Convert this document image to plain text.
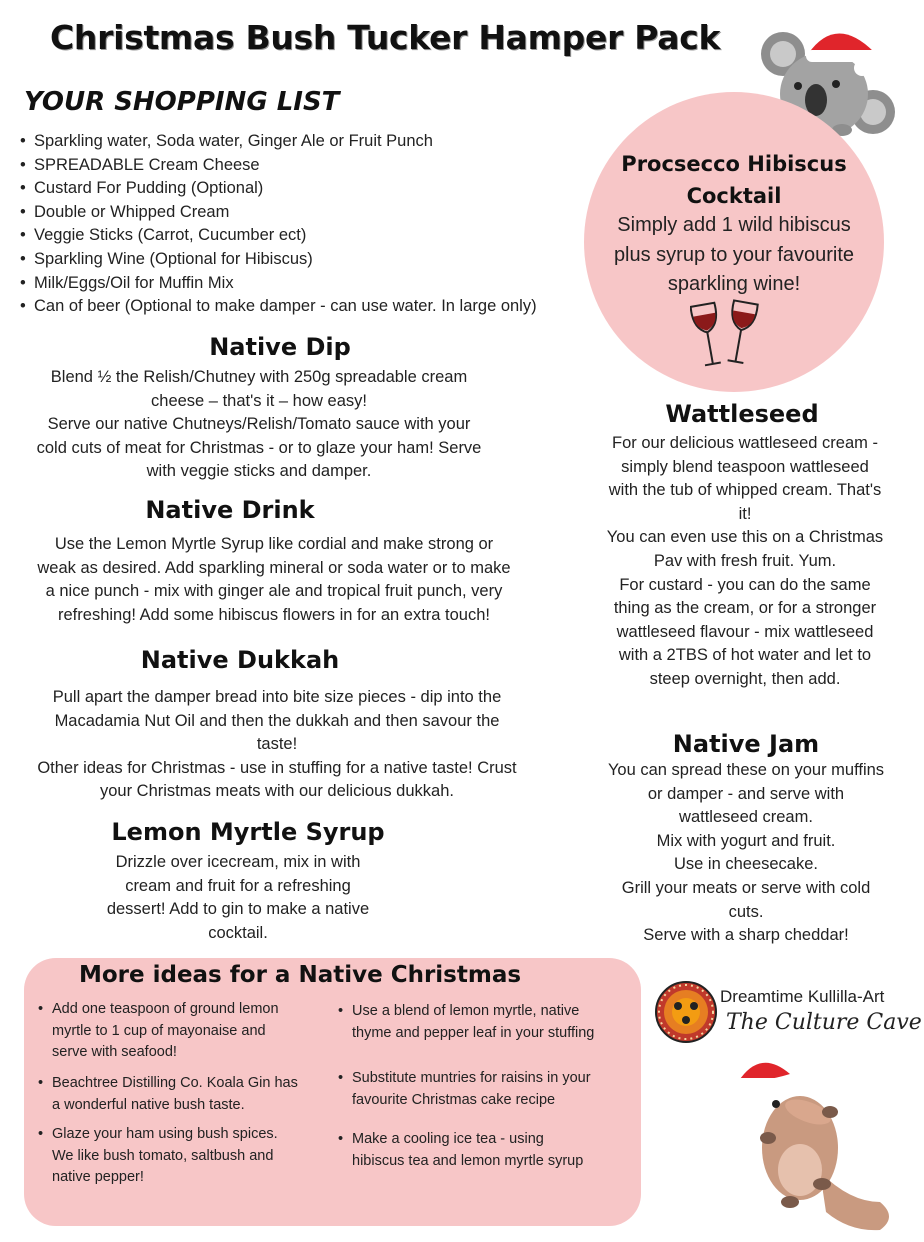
Christmas Bush Tucker Hamper Pack
YOUR SHOPPING LIST
• Sparkling water, Soda water, Ginger Ale or Fruit Punch
• SPREADABLE Cream Cheese
• Custard For Pudding (Optional)
• Double or Whipped Cream
• Veggie Sticks (Carrot, Cucumber ect)
• Sparkling Wine (Optional for Hibiscus)
• Milk/Eggs/Oil for Muffin Mix
• Can of beer (Optional to make damper - can use water. In large only)
Procsecco Hibiscus Cocktail
Simply add 1 wild hibiscus plus syrup to your favourite sparkling wine!
Native Dip
Blend ½ the Relish/Chutney with 250g spreadable cream
cheese – that's it – how easy!
Serve our native Chutneys/Relish/Tomato sauce with your
cold cuts of meat for Christmas - or to glaze your ham! Serve
with veggie sticks and damper.
Native Drink
Use the Lemon Myrtle Syrup like cordial and make strong or
weak as desired. Add sparkling mineral or soda water or to make
a nice punch - mix with ginger ale and tropical fruit punch, very
refreshing! Add some hibiscus flowers in for an extra touch!
Native Dukkah
Pull apart the damper bread into bite size pieces - dip into the
Macadamia Nut Oil and then the dukkah and then savour the
taste!
Other ideas for Christmas - use in stuffing for a native taste! Crust
your Christmas meats with our delicious dukkah.
Lemon Myrtle Syrup
Drizzle over icecream, mix in with
cream and fruit for a refreshing
dessert! Add to gin to make a native
cocktail.
Wattleseed
For our delicious wattleseed cream -
simply blend teaspoon wattleseed
with the tub of whipped cream. That's
it!
You can even use this on a Christmas
Pav with fresh fruit. Yum.
For custard - you can do the same
thing as the cream, or for a stronger
wattleseed flavour - mix wattleseed
with a 2TBS of hot water and let to
steep overnight, then add.
Native Jam
You can spread these on your muffins
or damper - and serve with
wattleseed cream.
Mix with yogurt and fruit.
Use in cheesecake.
Grill your meats or serve with cold
cuts.
Serve with a sharp cheddar!
More ideas for a Native Christmas
• Add one teaspoon of ground lemon
myrtle to 1 cup of mayonaise and
serve with seafood!
• Beachtree Distilling Co. Koala Gin has
a wonderful native bush taste.
• Glaze your ham using bush spices.
We like bush tomato, saltbush and
native pepper!
• Use a blend of lemon myrtle, native
thyme and pepper leaf in your stuffing
• Substitute muntries for raisins in your
favourite Christmas cake recipe
• Make a cooling ice tea - using
hibiscus tea and lemon myrtle syrup
Dreamtime Kullilla-Art
The Culture Cave
